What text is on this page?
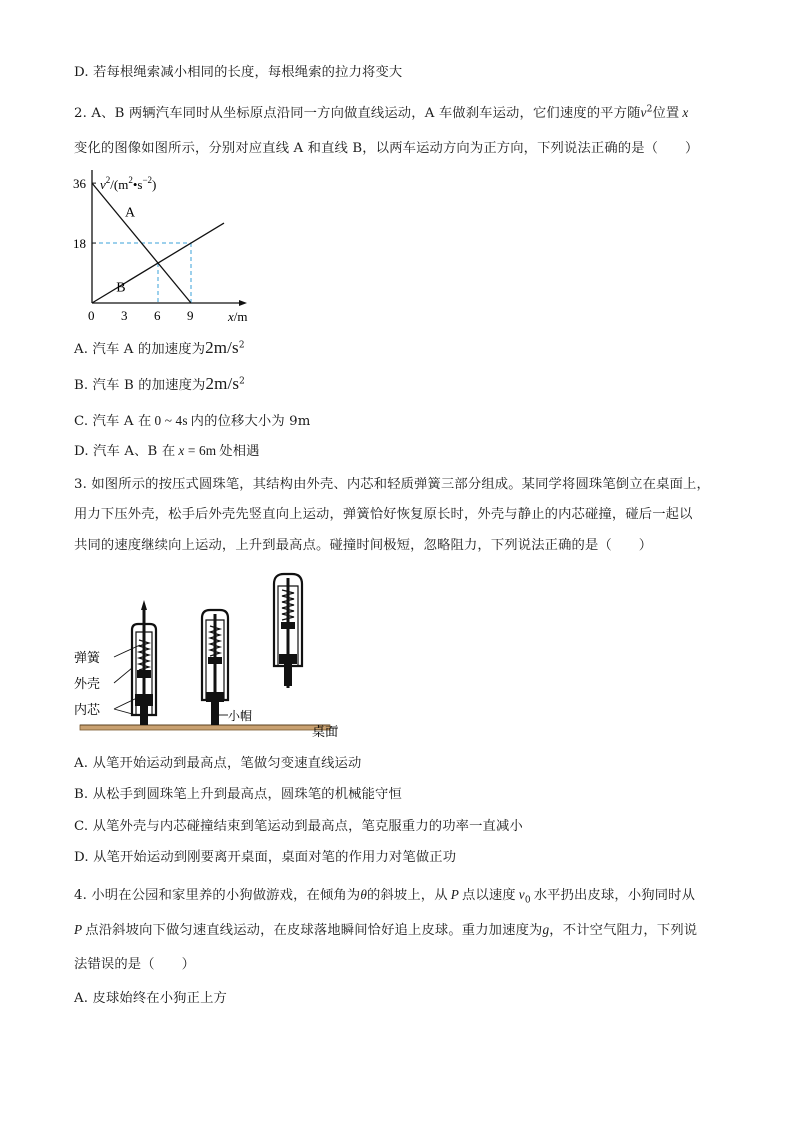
D. 若每根绳索减小相同的长度，每根绳索的拉力将变大
2. A、B 两辆汽车同时从坐标原点沿同一方向做直线运动，A 车做刹车运动，它们速度的平方随$v^2$位置 x
变化的图像如图所示，分别对应直线 A 和直线 B，以两车运动方向为正方向，下列说法正确的是（　　）
A
B
0 3 6 9
18
36 $v^2/(m^2•s^{-2})$
x/m
A. 汽车 A 的加速度为$2m/s^2$
B. 汽车 B 的加速度为$2m/s^2$
C. 汽车 A 在 0 ~ 4s 内的位移大小为 9m
D. 汽车 A、B 在 x = 6m 处相遇
3. 如图所示的按压式圆珠笔，其结构由外壳、内芯和轻质弹簧三部分组成。某同学将圆珠笔倒立在桌面上，
用力下压外壳，松手后外壳先竖直向上运动，弹簧恰好恢复原长时，外壳与静止的内芯碰撞，碰后一起以
共同的速度继续向上运动，上升到最高点。碰撞时间极短，忽略阻力，下列说法正确的是（　　）
弹簧
外壳
内芯	小帽
桌面
A. 从笔开始运动到最高点，笔做匀变速直线运动
B. 从松手到圆珠笔上升到最高点，圆珠笔的机械能守恒
C. 从笔外壳与内芯碰撞结束到笔运动到最高点，笔克服重力的功率一直减小
D. 从笔开始运动到刚要离开桌面，桌面对笔的作用力对笔做正功
4. 小明在公园和家里养的小狗做游戏，在倾角为θ的斜坡上，从 P 点以速度 $v_0$ 水平扔出皮球，小狗同时从
P 点沿斜坡向下做匀速直线运动，在皮球落地瞬间恰好追上皮球。重力加速度为g，不计空气阻力，下列说
法错误的是（　　）
A. 皮球始终在小狗正上方
